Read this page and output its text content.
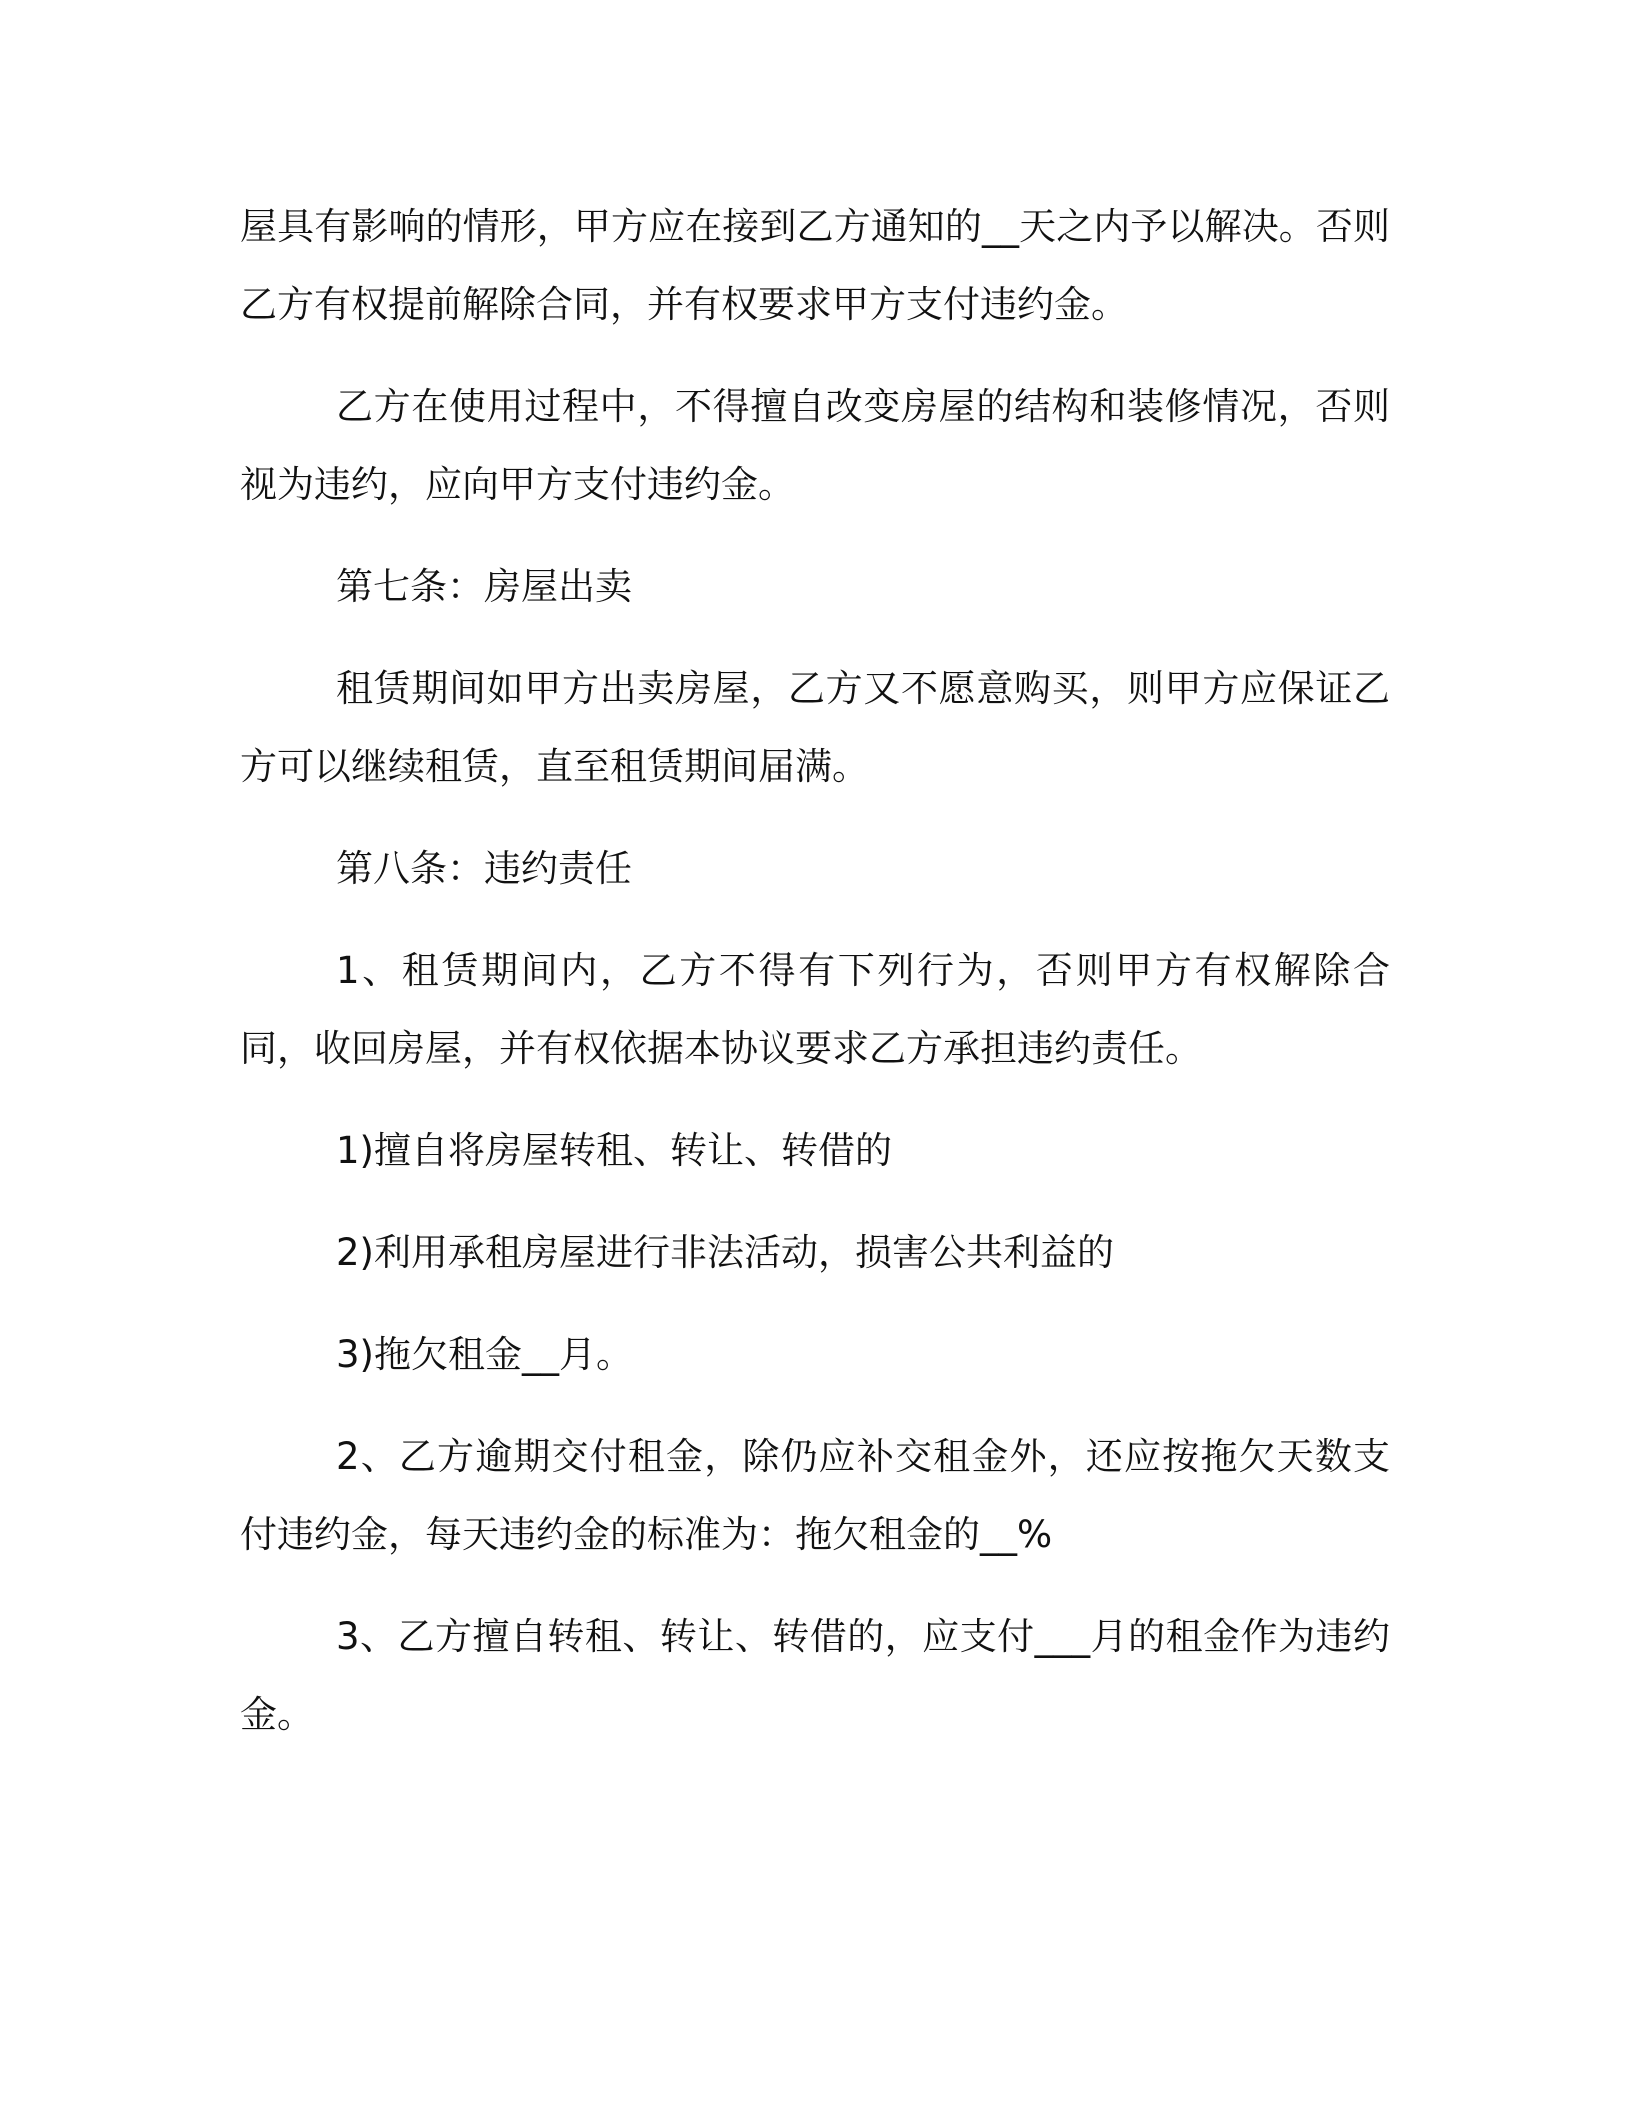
屋具有影响的情形，甲方应在接到乙方通知的__天之内予以解决。否则乙方有权提前解除合同，并有权要求甲方支付违约金。

乙方在使用过程中，不得擅自改变房屋的结构和装修情况，否则视为违约，应向甲方支付违约金。

第七条：房屋出卖

租赁期间如甲方出卖房屋，乙方又不愿意购买，则甲方应保证乙方可以继续租赁，直至租赁期间届满。

第八条：违约责任

1、租赁期间内，乙方不得有下列行为，否则甲方有权解除合同，收回房屋，并有权依据本协议要求乙方承担违约责任。

1)擅自将房屋转租、转让、转借的

2)利用承租房屋进行非法活动，损害公共利益的

3)拖欠租金__月。

2、乙方逾期交付租金，除仍应补交租金外，还应按拖欠天数支付违约金，每天违约金的标准为：拖欠租金的__%

3、乙方擅自转租、转让、转借的，应支付___月的租金作为违约金。
